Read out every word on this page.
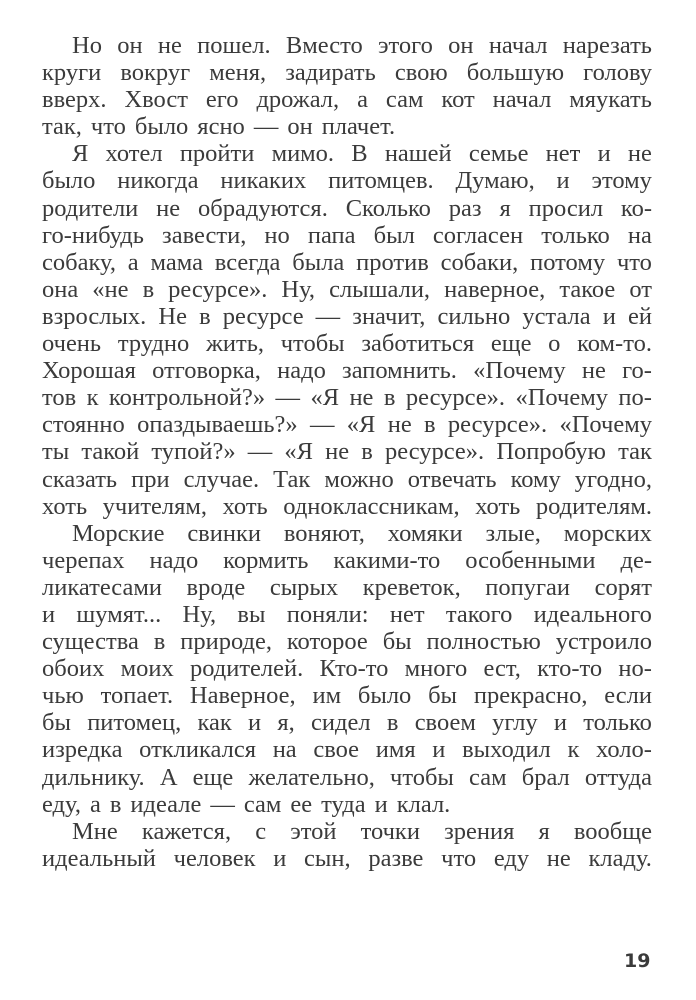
Но он не пошел. Вместо этого он начал нарезать
круги вокруг меня, задирать свою большую голову
вверх. Хвост его дрожал, а сам кот начал мяукать
так, что было ясно — он плачет.
Я хотел пройти мимо. В нашей семье нет и не
было никогда никаких питомцев. Думаю, и этому
родители не обрадуются. Сколько раз я просил ко-
го-нибудь завести, но папа был согласен только на
собаку, а мама всегда была против собаки, потому что
она «не в ресурсе». Ну, слышали, наверное, такое от
взрослых. Не в ресурсе — значит, сильно устала и ей
очень трудно жить, чтобы заботиться еще о ком-то.
Хорошая отговорка, надо запомнить. «Почему не го-
тов к контрольной?» — «Я не в ресурсе». «Почему по-
стоянно опаздываешь?» — «Я не в ресурсе». «Почему
ты такой тупой?» — «Я не в ресурсе». Попробую так
сказать при случае. Так можно отвечать кому угодно,
хоть учителям, хоть одноклассникам, хоть родителям.
Морские свинки воняют, хомяки злые, морских
черепах надо кормить какими-то особенными де-
ликатесами вроде сырых креветок, попугаи сорят
и шумят... Ну, вы поняли: нет такого идеального
существа в природе, которое бы полностью устроило
обоих моих родителей. Кто-то много ест, кто-то но-
чью топает. Наверное, им было бы прекрасно, если
бы питомец, как и я, сидел в своем углу и только
изредка откликался на свое имя и выходил к холо-
дильнику. А еще желательно, чтобы сам брал оттуда
еду, а в идеале — сам ее туда и клал.
Мне кажется, с этой точки зрения я вообще
идеальный человек и сын, разве что еду не кладу.
19
